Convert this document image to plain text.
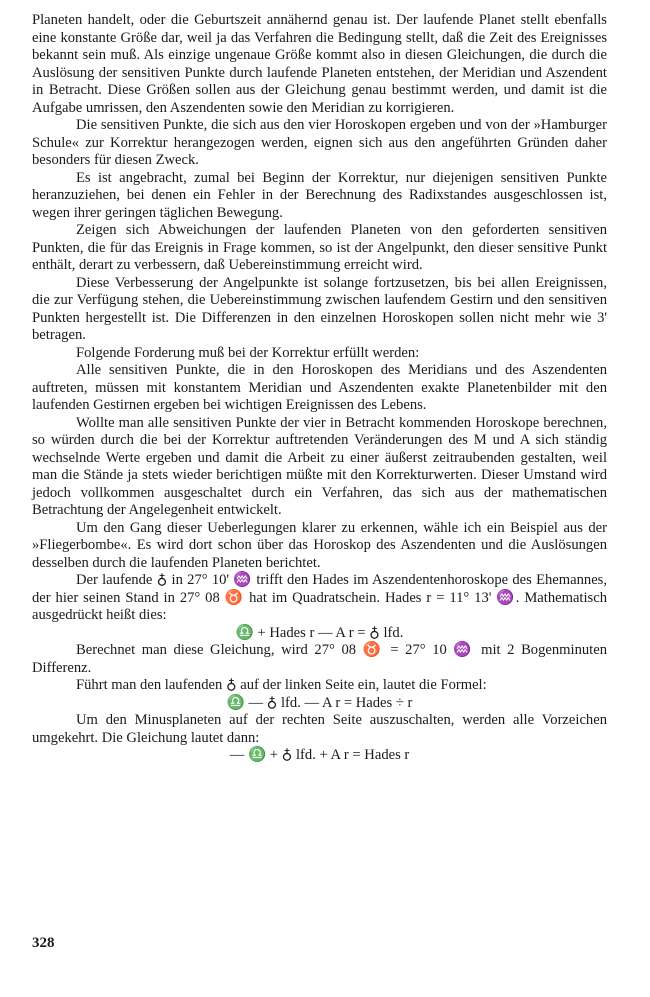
Planeten handelt, oder die Geburtszeit annähernd genau ist. Der laufende Planet stellt ebenfalls eine konstante Größe dar, weil ja das Verfahren die Bedingung stellt, daß die Zeit des Ereignisses bekannt sein muß. Als einzige ungenaue Größe kommt also in diesen Gleichungen, die durch die Auslösung der sensitiven Punkte durch laufende Planeten entstehen, der Meridian und Aszendent in Betracht. Diese Größen sollen aus der Gleichung genau bestimmt werden, und damit ist die Aufgabe umrissen, den Aszendenten sowie den Meridian zu korrigieren.

Die sensitiven Punkte, die sich aus den vier Horoskopen ergeben und von der »Hamburger Schule« zur Korrektur herangezogen werden, eignen sich aus den angeführten Gründen daher besonders für diesen Zweck.

Es ist angebracht, zumal bei Beginn der Korrektur, nur diejenigen sensitiven Punkte heranzuziehen, bei denen ein Fehler in der Berechnung des Radixstandes ausgeschlossen ist, wegen ihrer geringen täglichen Bewegung.

Zeigen sich Abweichungen der laufenden Planeten von den geforderten sensitiven Punkten, die für das Ereignis in Frage kommen, so ist der Angelpunkt, den dieser sensitive Punkt enthält, derart zu verbessern, daß Uebereinstimmung erreicht wird.

Diese Verbesserung der Angelpunkte ist solange fortzusetzen, bis bei allen Ereignissen, die zur Verfügung stehen, die Uebereinstimmung zwischen laufendem Gestirn und den sensitiven Punkten hergestellt ist. Die Differenzen in den einzelnen Horoskopen sollen nicht mehr wie 3' betragen.

Folgende Forderung muß bei der Korrektur erfüllt werden:

Alle sensitiven Punkte, die in den Horoskopen des Meridians und des Aszendenten auftreten, müssen mit konstantem Meridian und Aszendenten exakte Planetenbilder mit den laufenden Gestirnen ergeben bei wichtigen Ereignissen des Lebens.

Wollte man alle sensitiven Punkte der vier in Betracht kommenden Horoskope berechnen, so würden durch die bei der Korrektur auftretenden Veränderungen des M und A sich ständig wechselnde Werte ergeben und damit die Arbeit zu einer äußerst zeitraubenden gestalten, weil man die Stände ja stets wieder berichtigen müßte mit den Korrekturwerten. Dieser Umstand wird jedoch vollkommen ausgeschaltet durch ein Verfahren, das sich aus der mathematischen Betrachtung der Angelegenheit entwickelt.

Um den Gang dieser Ueberlegungen klarer zu erkennen, wähle ich ein Beispiel aus der »Fliegerbombe«. Es wird dort schon über das Horoskop des Aszendenten und die Auslösungen desselben durch die laufenden Planeten berichtet.

Der laufende ♁ in 27° 10' ♒ trifft den Hades im Aszendentenhoroskope des Ehemannes, der hier seinen Stand in 27° 08 ♉ hat im Quadratschein. Hades r = 11° 13' ♒. Mathematisch ausgedrückt heißt dies:

♎ + Hades r — A r = ♁ lfd.

Berechnet man diese Gleichung, wird 27° 08 ♉ = 27° 10 ♒ mit 2 Bogenminuten Differenz.

Führt man den laufenden ♁ auf der linken Seite ein, lautet die Formel:

♎ — ♁ lfd. — A r = Hades ÷ r

Um den Minusplaneten auf der rechten Seite auszuschalten, werden alle Vorzeichen umgekehrt. Die Gleichung lautet dann:

— ♎ + ♁ lfd. + A r = Hades r

328
